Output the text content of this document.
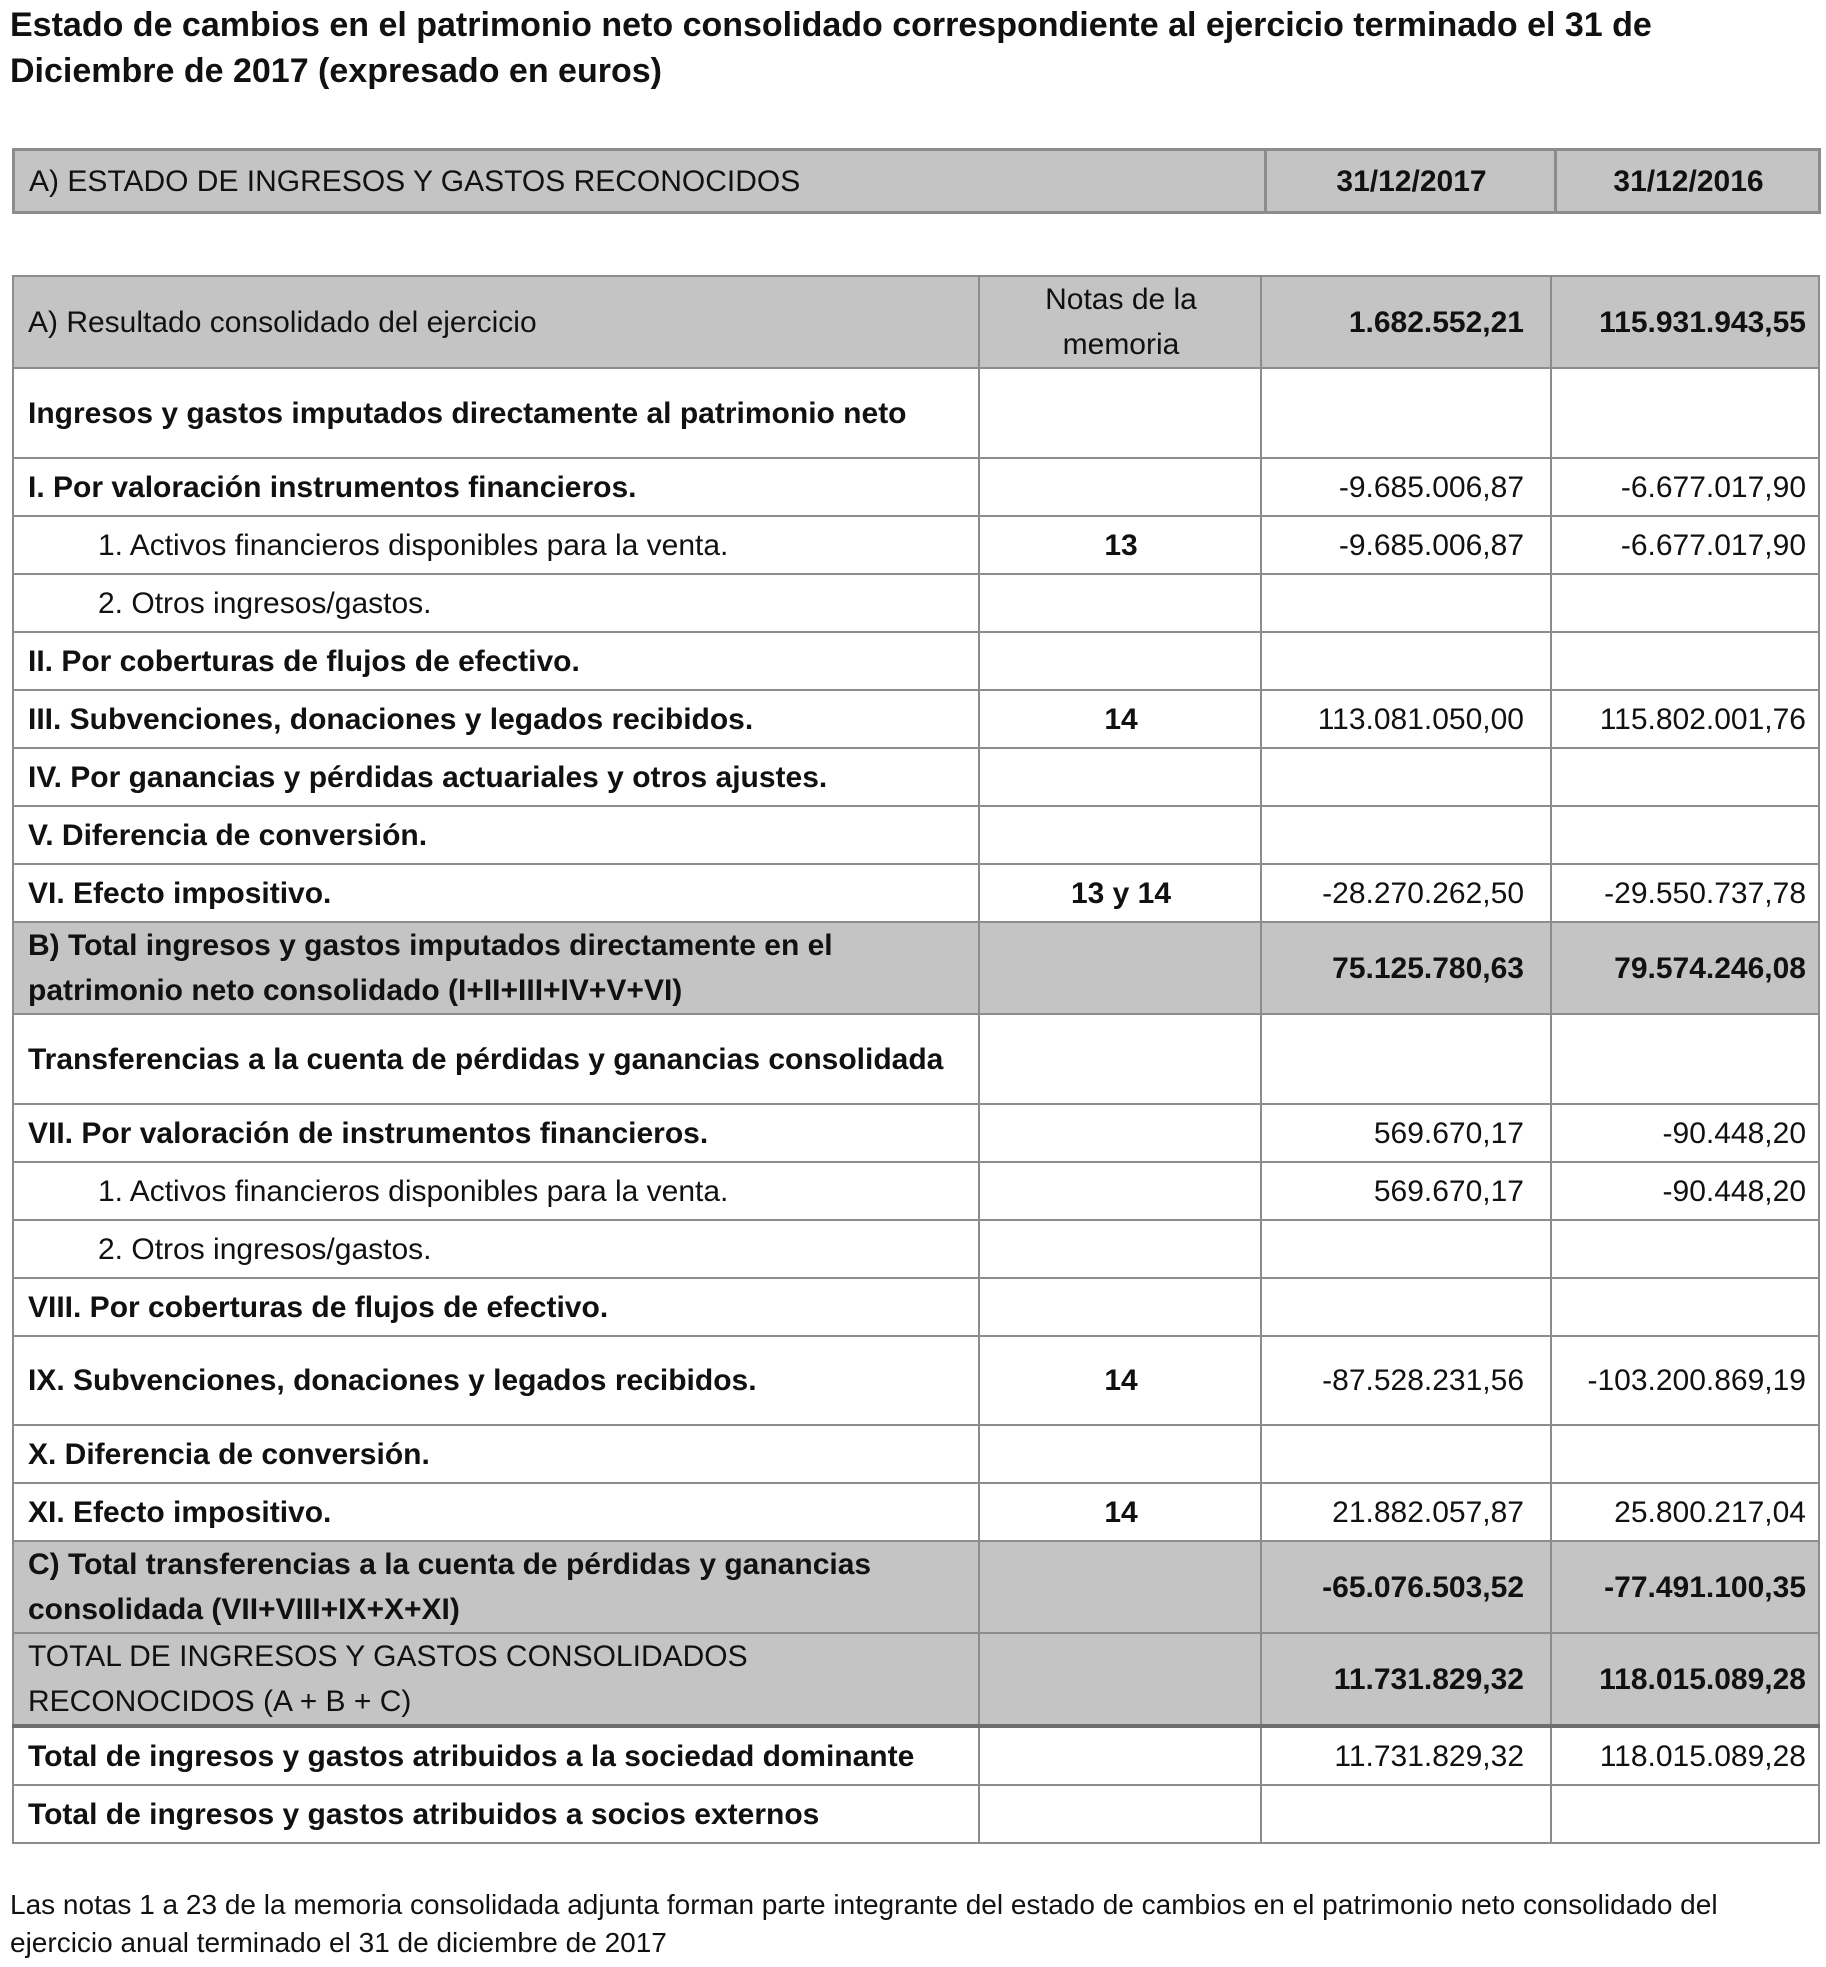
Estado de cambios en el patrimonio neto consolidado correspondiente al ejercicio terminado el 31 de Diciembre de 2017 (expresado en euros)
A) ESTADO DE INGRESOS Y GASTOS RECONOCIDOS	31/12/2017	31/12/2016
A) Resultado consolidado del ejercicio	Notas de la memoria	1.682.552,21	115.931.943,55
Ingresos y gastos imputados directamente al patrimonio neto			
I. Por valoración instrumentos financieros.		-9.685.006,87	-6.677.017,90
1. Activos financieros disponibles para la venta.	13	-9.685.006,87	-6.677.017,90
2. Otros ingresos/gastos.			
II. Por coberturas de flujos de efectivo.			
III. Subvenciones, donaciones y legados recibidos.	14	113.081.050,00	115.802.001,76
IV. Por ganancias y pérdidas actuariales y otros ajustes.			
V. Diferencia de conversión.			
VI. Efecto impositivo.	13 y 14	-28.270.262,50	-29.550.737,78
B) Total ingresos y gastos imputados directamente en el patrimonio neto consolidado (I+II+III+IV+V+VI)		75.125.780,63	79.574.246,08
Transferencias a la cuenta de pérdidas y ganancias consolidada			
VII. Por valoración de instrumentos financieros.		569.670,17	-90.448,20
1. Activos financieros disponibles para la venta.		569.670,17	-90.448,20
2. Otros ingresos/gastos.			
VIII. Por coberturas de flujos de efectivo.			
IX. Subvenciones, donaciones y legados recibidos.	14	-87.528.231,56	-103.200.869,19
X. Diferencia de conversión.			
XI. Efecto impositivo.	14	21.882.057,87	25.800.217,04
C) Total transferencias a la cuenta de pérdidas y ganancias consolidada (VII+VIII+IX+X+XI)		-65.076.503,52	-77.491.100,35
TOTAL DE INGRESOS Y GASTOS CONSOLIDADOS RECONOCIDOS (A + B + C)		11.731.829,32	118.015.089,28
Total de ingresos y gastos atribuidos a la sociedad dominante		11.731.829,32	118.015.089,28
Total de ingresos y gastos atribuidos a socios externos			

Las notas 1 a 23 de la memoria consolidada adjunta forman parte integrante del estado de cambios en el patrimonio neto consolidado del ejercicio anual terminado el 31 de diciembre de 2017
